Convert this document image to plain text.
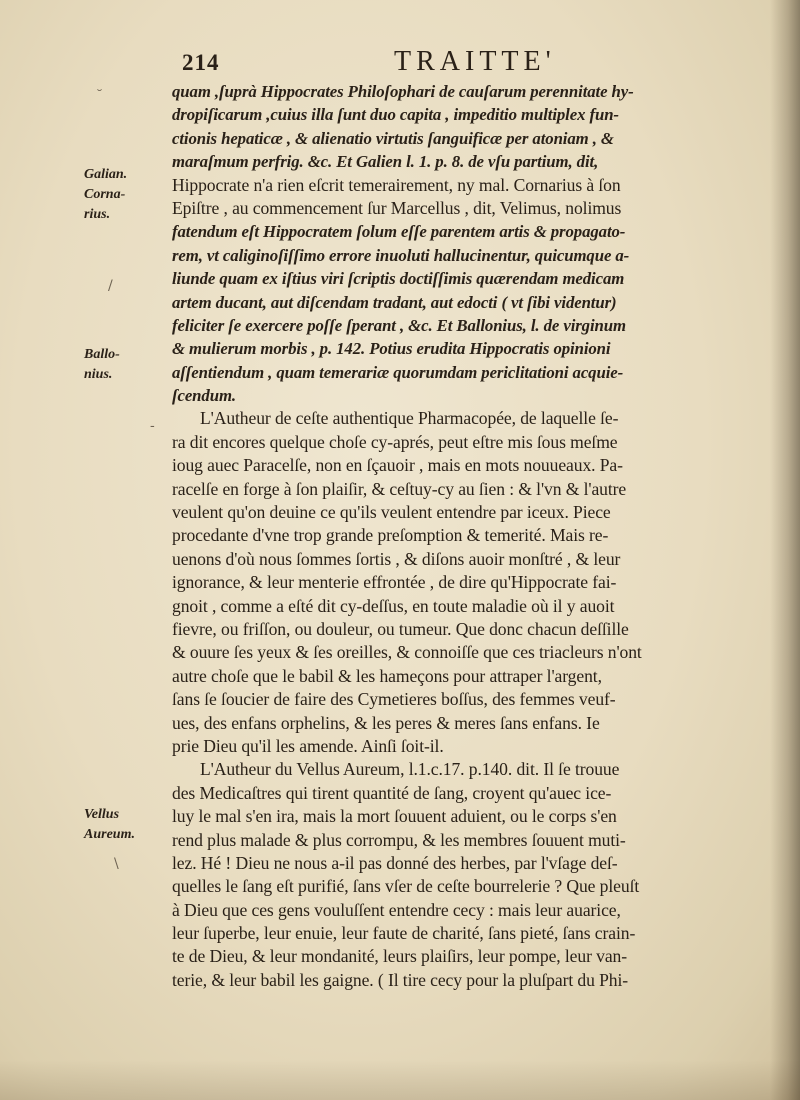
˘
-
/
\
214	TRAITTE'
Galian.
Corna-
rius.
Ballo-
nius.
Vellus
Aureum.
quam ,ſuprà Hippocrates Philoſophari de cauſarum perennitate hy-
dropiſicarum ,cuius illa ſunt duo capita , impeditio multiplex fun-
ctionis hepaticæ , & alienatio virtutis ſanguificæ per atoniam , &
maraſmum perfrig. &c. Et Galien l. 1. p. 8. de vſu partium, dit,
Hippocrate n'a rien eſcrit temerairement, ny mal. Cornarius à ſon
Epiſtre , au commencement ſur Marcellus , dit, Velimus, nolimus
fatendum eſt Hippocratem ſolum eſſe parentem artis & propagato-
rem, vt caliginoſiſſimo errore inuoluti hallucinentur, quicumque a-
liunde quam ex iſtius viri ſcriptis doctiſſimis quærendam medicam
artem ducant, aut diſcendam tradant, aut edocti ( vt ſibi videntur)
feliciter ſe exercere poſſe ſperant , &c. Et Ballonius, l. de virginum
& mulierum morbis , p. 142. Potius erudita Hippocratis opinioni
aſſentiendum , quam temerariæ quorumdam periclitationi acquie-
ſcendum.
L'Autheur de ceſte authentique Pharmacopée, de laquelle ſe-
ra dit encores quelque choſe cy-aprés, peut eſtre mis ſous meſme
ioug auec Paracelſe, non en ſçauoir , mais en mots nouueaux. Pa-
racelſe en forge à ſon plaiſir, & ceſtuy-cy au ſien : & l'vn & l'autre
veulent qu'on deuine ce qu'ils veulent entendre par iceux. Piece
procedante d'vne trop grande preſomption & temerité. Mais re-
uenons d'où nous ſommes ſortis , & diſons auoir monſtré , & leur
ignorance, & leur menterie effrontée , de dire qu'Hippocrate fai-
gnoit , comme a eſté dit cy-deſſus, en toute maladie où il y auoit
fievre, ou friſſon, ou douleur, ou tumeur. Que donc chacun deſſille
& ouure ſes yeux & ſes oreilles, & connoiſſe que ces triacleurs n'ont
autre choſe que le babil & les hameçons pour attraper l'argent,
ſans ſe ſoucier de faire des Cymetieres boſſus, des femmes veuf-
ues, des enfans orphelins, & les peres & meres ſans enfans. Ie
prie Dieu qu'il les amende. Ainſi ſoit-il.
L'Autheur du Vellus Aureum, l.1.c.17. p.140. dit. Il ſe trouue
des Medicaſtres qui tirent quantité de ſang, croyent qu'auec ice-
luy le mal s'en ira, mais la mort ſouuent aduient, ou le corps s'en
rend plus malade & plus corrompu, & les membres ſouuent muti-
lez. Hé ! Dieu ne nous a-il pas donné des herbes, par l'vſage deſ-
quelles le ſang eſt purifié, ſans vſer de ceſte bourrelerie ? Que pleuſt
à Dieu que ces gens vouluſſent entendre cecy : mais leur auarice,
leur ſuperbe, leur enuie, leur faute de charité, ſans pieté, ſans crain-
te de Dieu, & leur mondanité, leurs plaiſirs, leur pompe, leur van-
terie, & leur babil les gaigne. ( Il tire cecy pour la pluſpart du Phi-
